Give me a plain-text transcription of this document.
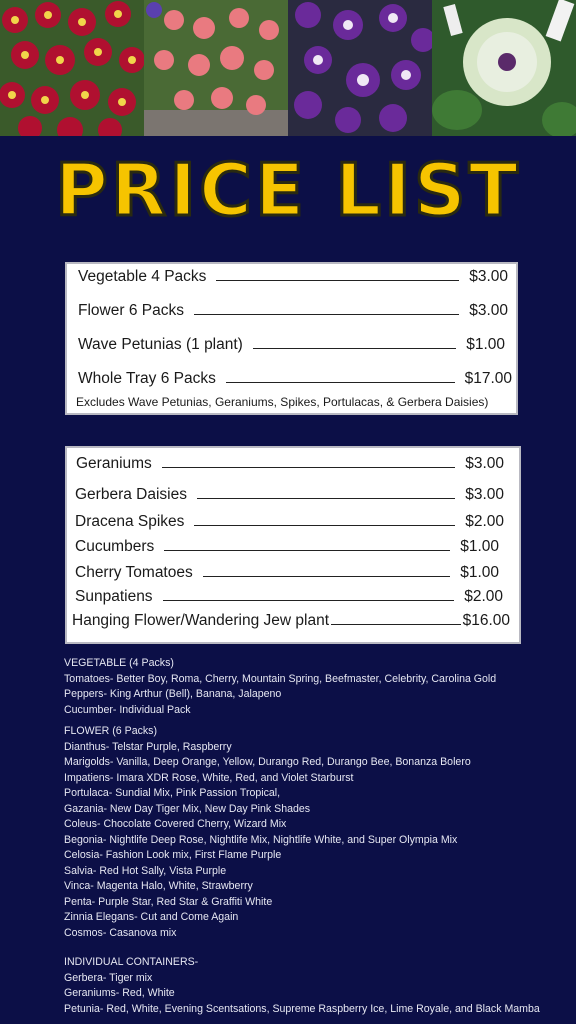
PRICE LIST
Vegetable 4 Packs	$3.00
Flower 6 Packs	$3.00
Wave Petunias (1 plant)	$1.00
Whole Tray 6 Packs	$17.00
Excludes Wave Petunias, Geraniums, Spikes, Portulacas, & Gerbera Daisies)
Geraniums	$3.00
Gerbera Daisies	$3.00
Dracena Spikes	$2.00
Cucumbers	$1.00
Cherry Tomatoes	$1.00
Sunpatiens	$2.00
Hanging Flower/Wandering Jew plant	$16.00
VEGETABLE (4 Packs)
Tomatoes- Better Boy, Roma, Cherry, Mountain Spring, Beefmaster, Celebrity, Carolina Gold
Peppers- King Arthur (Bell), Banana, Jalapeno
Cucumber- Individual Pack
FLOWER (6 Packs)
Dianthus- Telstar Purple, Raspberry
Marigolds- Vanilla, Deep Orange, Yellow, Durango Red, Durango Bee, Bonanza Bolero
Impatiens- Imara XDR Rose, White, Red, and Violet Starburst
Portulaca- Sundial Mix, Pink Passion Tropical,
Gazania- New Day Tiger Mix, New Day Pink Shades
Coleus- Chocolate Covered Cherry, Wizard Mix
Begonia- Nightlife Deep Rose, Nightlife Mix, Nightlife White, and Super Olympia Mix
Celosia- Fashion Look mix, First Flame Purple
Salvia- Red Hot Sally, Vista Purple
Vinca- Magenta Halo, White, Strawberry
Penta- Purple Star, Red Star & Graffiti White
Zinnia Elegans- Cut and Come Again
Cosmos- Casanova mix
INDIVIDUAL CONTAINERS-
Gerbera- Tiger mix
Geraniums- Red, White
Petunia- Red, White, Evening Scentsations, Supreme Raspberry Ice, Lime Royale, and Black Mamba
